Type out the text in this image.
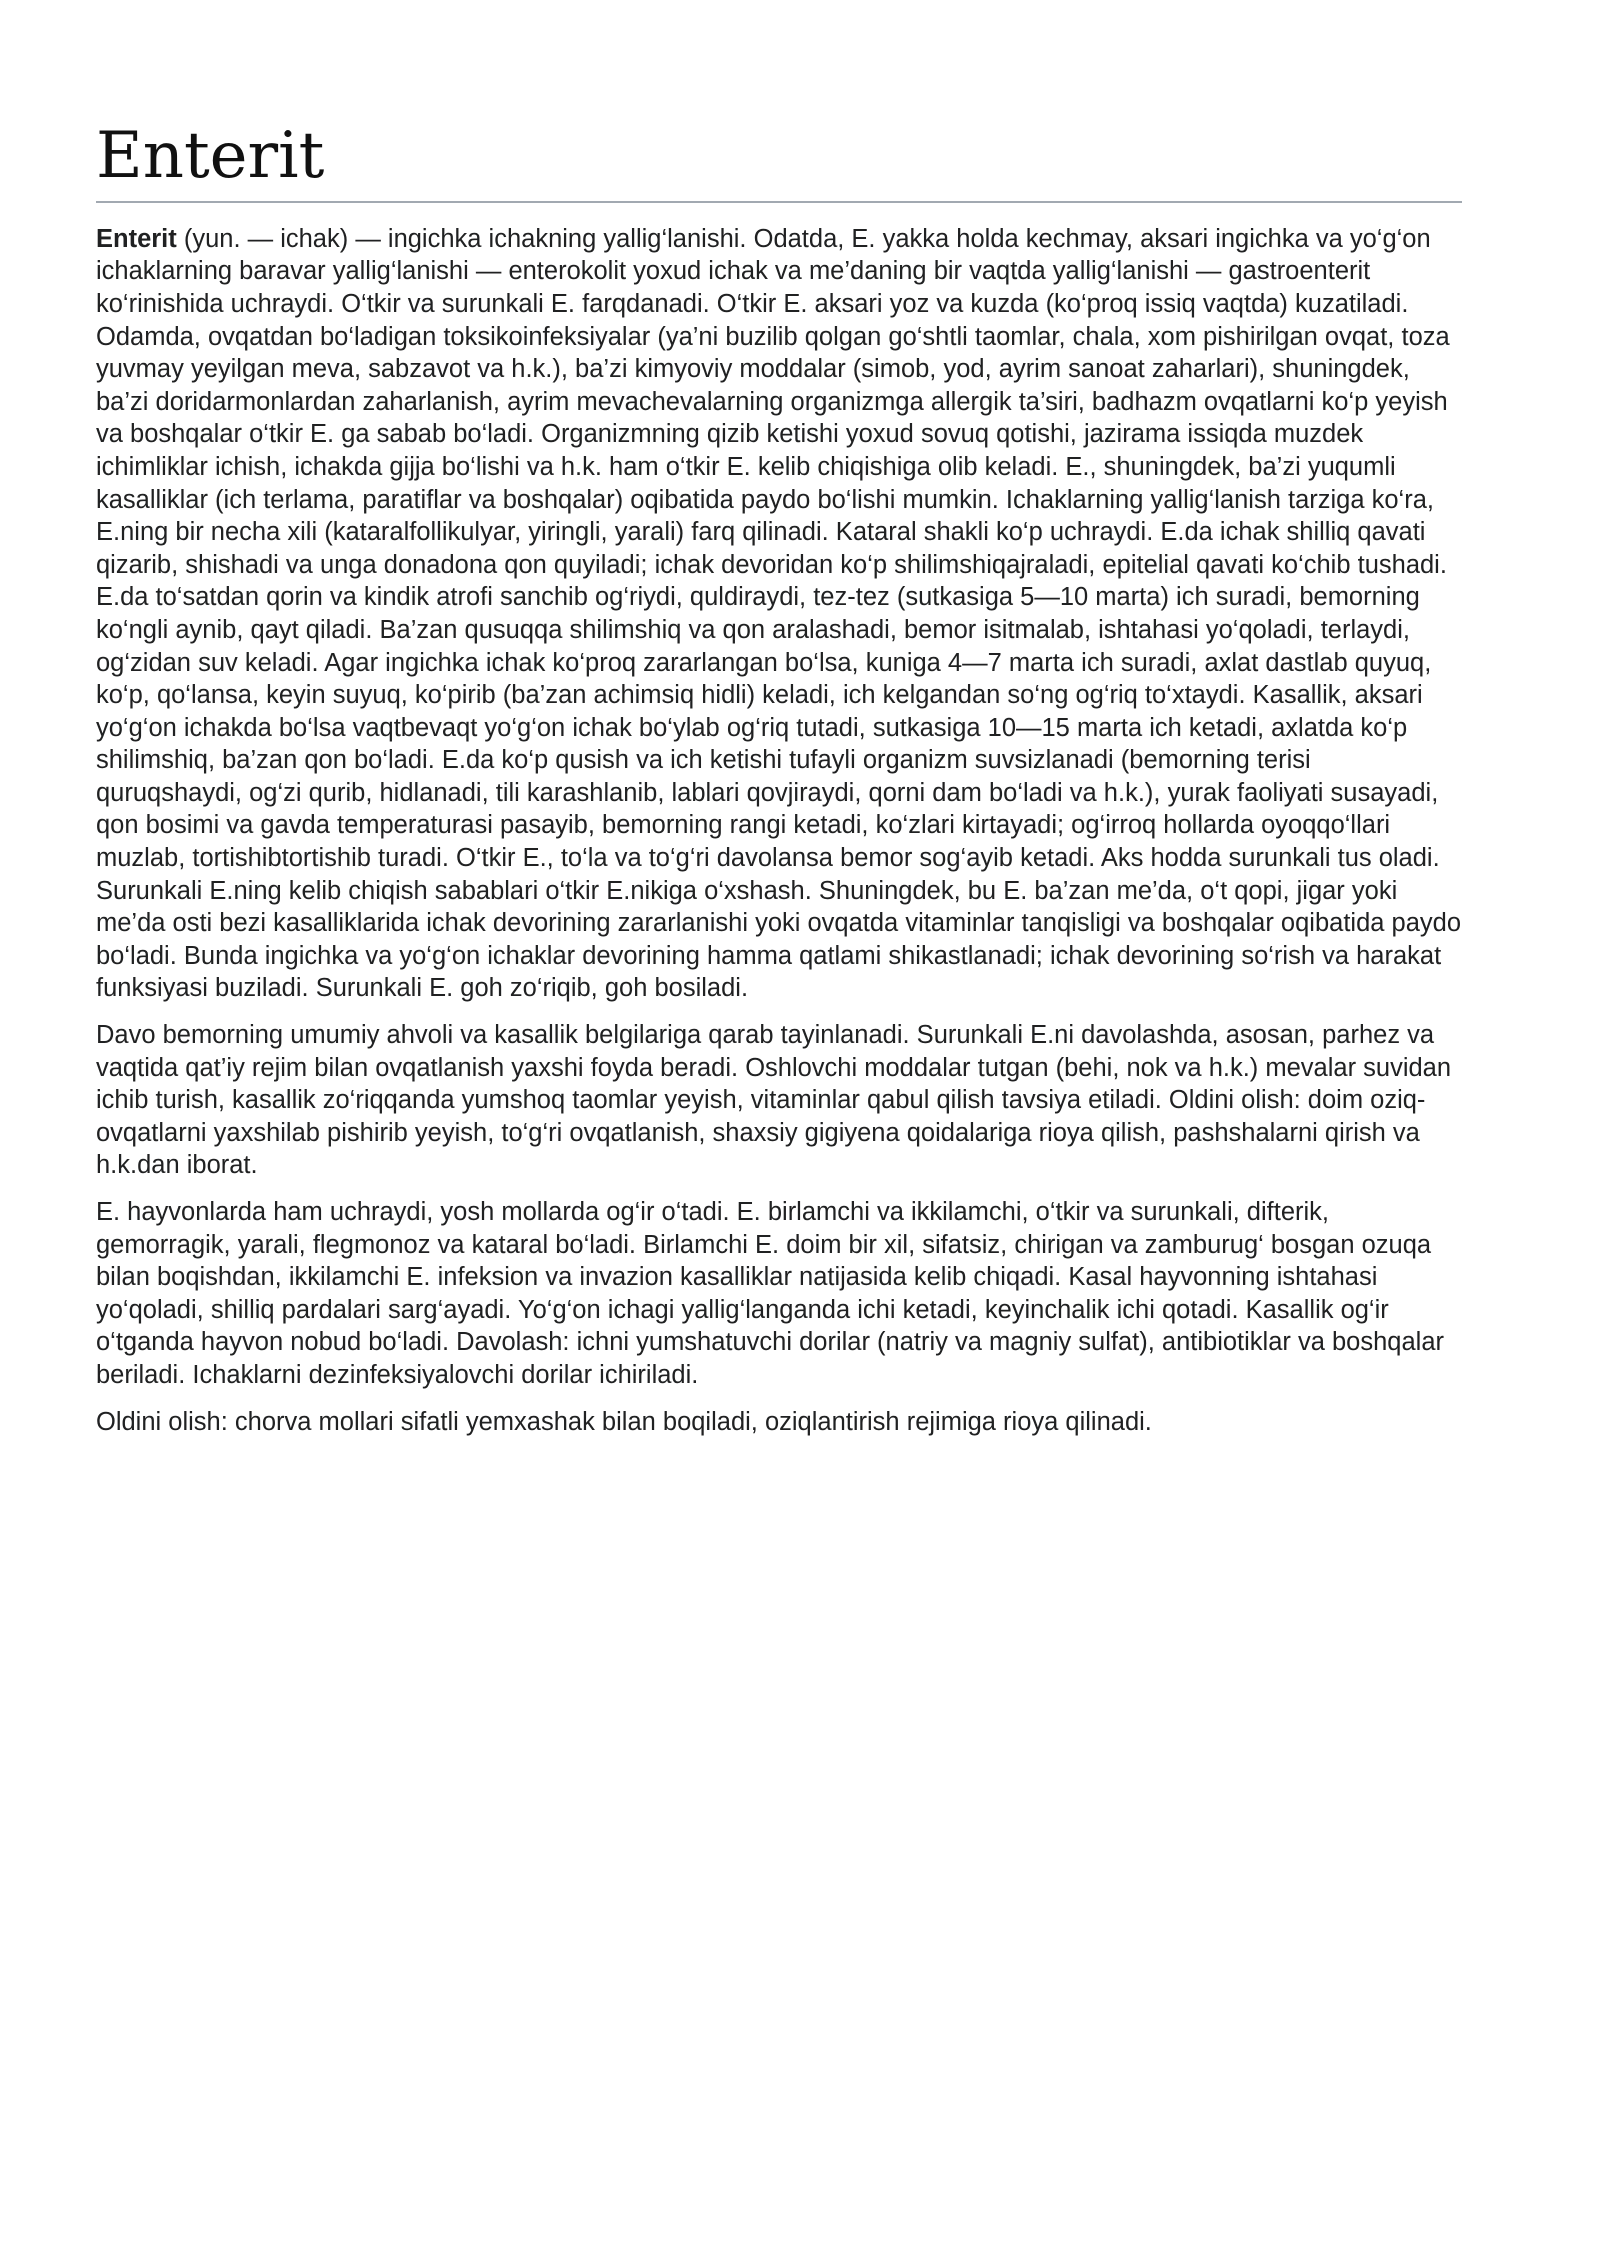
Enterit

Enterit (yun. — ichak) — ingichka ichakning yallig‘lanishi. Odatda, E. yakka holda kechmay, aksari ingichka va yo‘g‘on ichaklarning baravar yallig‘lanishi — enterokolit yoxud ichak va me’daning bir vaqtda yallig‘lanishi — gastroenterit ko‘rinishida uchraydi. O‘tkir va surunkali E. farqdanadi. O‘tkir E. aksari yoz va kuzda (ko‘proq issiq vaqtda) kuzatiladi. Odamda, ovqatdan bo‘ladigan toksikoinfeksiyalar (ya’ni buzilib qolgan go‘shtli taomlar, chala, xom pishirilgan ovqat, toza yuvmay yeyilgan meva, sabzavot va h.k.), ba’zi kimyoviy moddalar (simob, yod, ayrim sanoat zaharlari), shuningdek, ba’zi doridarmonlardan zaharlanish, ayrim mevachevalarning organizmga allergik ta’siri, badhazm ovqatlarni ko‘p yeyish va boshqalar o‘tkir E. ga sabab bo‘ladi. Organizmning qizib ketishi yoxud sovuq qotishi, jazirama issiqda muzdek ichimliklar ichish, ichakda gijja bo‘lishi va h.k. ham o‘tkir E. kelib chiqishiga olib keladi. E., shuningdek, ba’zi yuqumli kasalliklar (ich terlama, paratiflar va boshqalar) oqibatida paydo bo‘lishi mumkin. Ichaklarning yallig‘lanish tarziga ko‘ra, E.ning bir necha xili (kataralfollikulyar, yiringli, yarali) farq qilinadi. Kataral shakli ko‘p uchraydi. E.da ichak shilliq qavati qizarib, shishadi va unga donadona qon quyiladi; ichak devoridan ko‘p shilimshiqajraladi, epitelial qavati ko‘chib tushadi. E.da to‘satdan qorin va kindik atrofi sanchib og‘riydi, quldiraydi, tez-tez (sutkasiga 5—10 marta) ich suradi, bemorning ko‘ngli aynib, qayt qiladi. Ba’zan qusuqqa shilimshiq va qon aralashadi, bemor isitmalab, ishtahasi yo‘qoladi, terlaydi, og‘zidan suv keladi. Agar ingichka ichak ko‘proq zararlangan bo‘lsa, kuniga 4—7 marta ich suradi, axlat dastlab quyuq, ko‘p, qo‘lansa, keyin suyuq, ko‘pirib (ba’zan achimsiq hidli) keladi, ich kelgandan so‘ng og‘riq to‘xtaydi. Kasallik, aksari yo‘g‘on ichakda bo‘lsa vaqtbevaqt yo‘g‘on ichak bo‘ylab og‘riq tutadi, sutkasiga 10—15 marta ich ketadi, axlatda ko‘p shilimshiq, ba’zan qon bo‘ladi. E.da ko‘p qusish va ich ketishi tufayli organizm suvsizlanadi (bemorning terisi quruqshaydi, og‘zi qurib, hidlanadi, tili karashlanib, lablari qovjiraydi, qorni dam bo‘ladi va h.k.), yurak faoliyati susayadi, qon bosimi va gavda temperaturasi pasayib, bemorning rangi ketadi, ko‘zlari kirtayadi; og‘irroq hollarda oyoqqo‘llari muzlab, tortishibtortishib turadi. O‘tkir E., to‘la va to‘g‘ri davolansa bemor sog‘ayib ketadi. Aks hodda surunkali tus oladi. Surunkali E.ning kelib chiqish sabablari o‘tkir E.nikiga o‘xshash. Shuningdek, bu E. ba’zan me’da, o‘t qopi, jigar yoki me’da osti bezi kasalliklarida ichak devorining zararlanishi yoki ovqatda vitaminlar tanqisligi va boshqalar oqibatida paydo bo‘ladi. Bunda ingichka va yo‘g‘on ichaklar devorining hamma qatlami shikastlanadi; ichak devorining so‘rish va harakat funksiyasi buziladi. Surunkali E. goh zo‘riqib, goh bosiladi.

Davo bemorning umumiy ahvoli va kasallik belgilariga qarab tayinlanadi. Surunkali E.ni davolashda, asosan, parhez va vaqtida qat’iy rejim bilan ovqatlanish yaxshi foyda beradi. Oshlovchi moddalar tutgan (behi, nok va h.k.) mevalar suvidan ichib turish, kasallik zo‘riqqanda yumshoq taomlar yeyish, vitaminlar qabul qilish tavsiya etiladi. Oldini olish: doim oziq-ovqatlarni yaxshilab pishirib yeyish, to‘g‘ri ovqatlanish, shaxsiy gigiyena qoidalariga rioya qilish, pashshalarni qirish va h.k.dan iborat.

E. hayvonlarda ham uchraydi, yosh mollarda og‘ir o‘tadi. E. birlamchi va ikkilamchi, o‘tkir va surunkali, difterik, gemorragik, yarali, flegmonoz va kataral bo‘ladi. Birlamchi E. doim bir xil, sifatsiz, chirigan va zamburug‘ bosgan ozuqa bilan boqishdan, ikkilamchi E. infeksion va invazion kasalliklar natijasida kelib chiqadi. Kasal hayvonning ishtahasi yo‘qoladi, shilliq pardalari sarg‘ayadi. Yo‘g‘on ichagi yallig‘langanda ichi ketadi, keyinchalik ichi qotadi. Kasallik og‘ir o‘tganda hayvon nobud bo‘ladi. Davolash: ichni yumshatuvchi dorilar (natriy va magniy sulfat), antibiotiklar va boshqalar beriladi. Ichaklarni dezinfeksiyalovchi dorilar ichiriladi.

Oldini olish: chorva mollari sifatli yemxashak bilan boqiladi, oziqlantirish rejimiga rioya qilinadi.
